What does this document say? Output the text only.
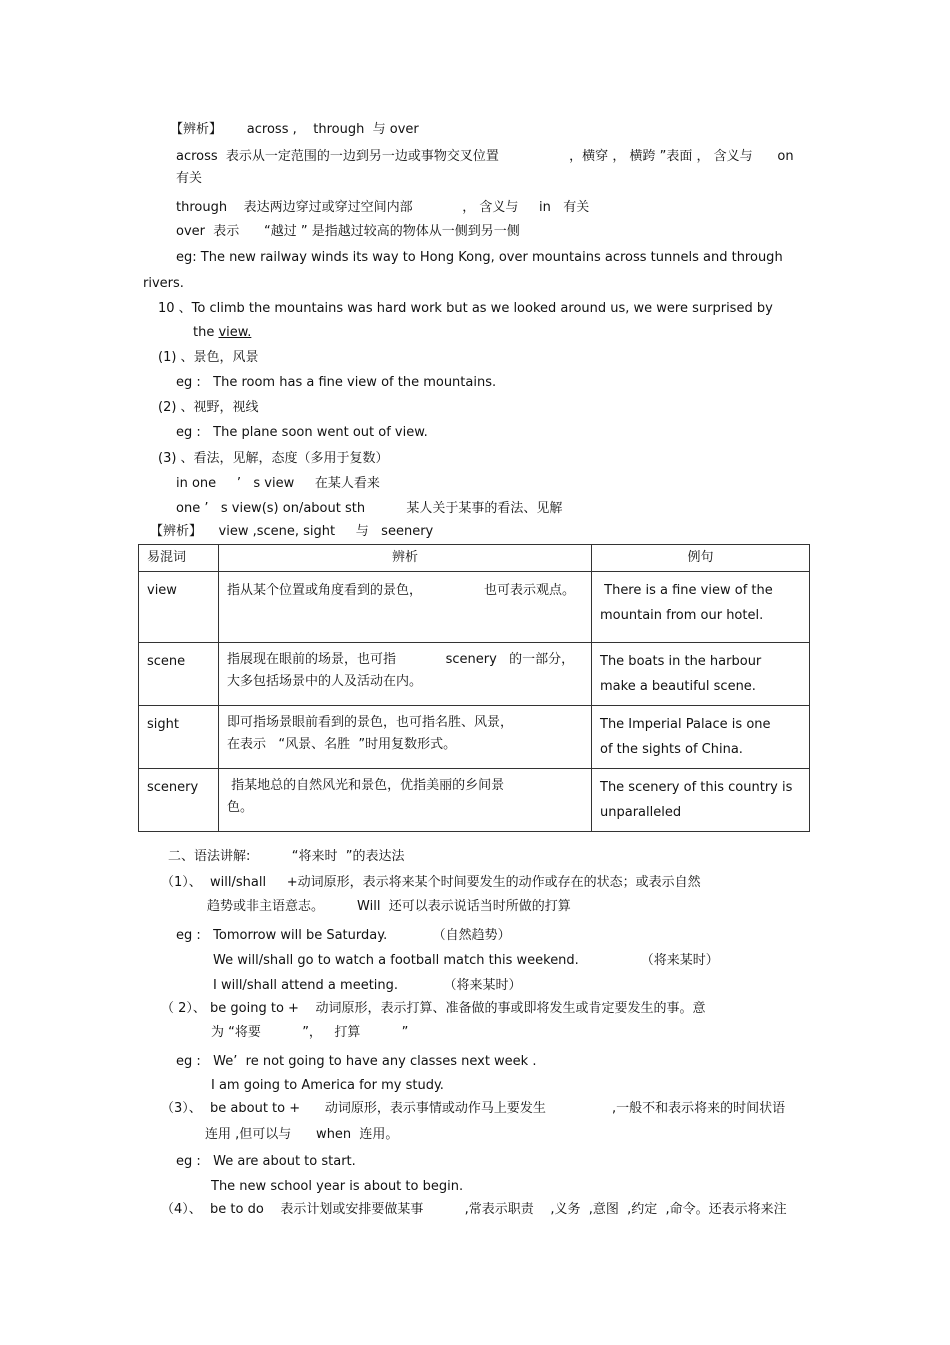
【辨析】      across ,    through  与 over
across  表示从一定范围的一边到另一边或事物交叉位置                 ，横穿 ， 横跨 ”表面 ， 含义与      on
有关
through    表达两边穿过或穿过空间内部            ， 含义与     in   有关
over  表示      “越过 ” 是指越过较高的物体从一侧到另一侧
eg: The new railway winds its way to Hong Kong, over mountains across tunnels and through
rivers.
10 、To climb the mountains was hard work but as we looked around us, we were surprised by
the view.
(1) 、景色，风景
eg :   The room has a fine view of the mountains.
(2) 、视野，视线
eg :   The plane soon went out of view.
(3) 、看法，见解，态度（多用于复数）
in one     ’   s view     在某人看来
one ’   s view(s) on/about sth          某人关于某事的看法、见解
【辨析】    view ,scene, sight     与   seenery
易混词	辨析	例句
view	指从某个位置或角度看到的景色，               也可表示观点。	There is a fine view of the
mountain from our hotel.
scene	指展现在眼前的场景，也可指            scenery   的一部分，
大多包括场景中的人及活动在内。	The boats in the harbour
make a beautiful scene.
sight	即可指场景眼前看到的景色，也可指名胜、风景，
在表示   “风景、名胜  ”时用复数形式。	The Imperial Palace is one
of the sights of China.
scenery	指某地总的自然风光和景色，优指美丽的乡间景
色。	The scenery of this country is
unparalleled
二、语法讲解:          “将来时  ”的表达法
（1）、  will/shall     +动词原形，表示将来某个时间要发生的动作或存在的状态；或表示自然
趋势或非主语意志。        Will  还可以表示说话当时所做的打算
eg :   Tomorrow will be Saturday.           （自然趋势）
We will/shall go to watch a football match this weekend.               （将来某时）
I will/shall attend a meeting.           （将来某时）
（ 2）、 be going to +    动词原形，表示打算、准备做的事或即将发生或肯定要发生的事。意
为 “将要          ”，   打算          ”
eg :   We’  re not going to have any classes next week .
I am going to America for my study.
（3）、  be about to +      动词原形，表示事情或动作马上要发生                ,一般不和表示将来的时间状语
连用 ,但可以与      when  连用。
eg :   We are about to start.
The new school year is about to begin.
（4）、  be to do    表示计划或安排要做某事          ,常表示职责    ,义务  ,意图  ,约定  ,命令。还表示将来注
